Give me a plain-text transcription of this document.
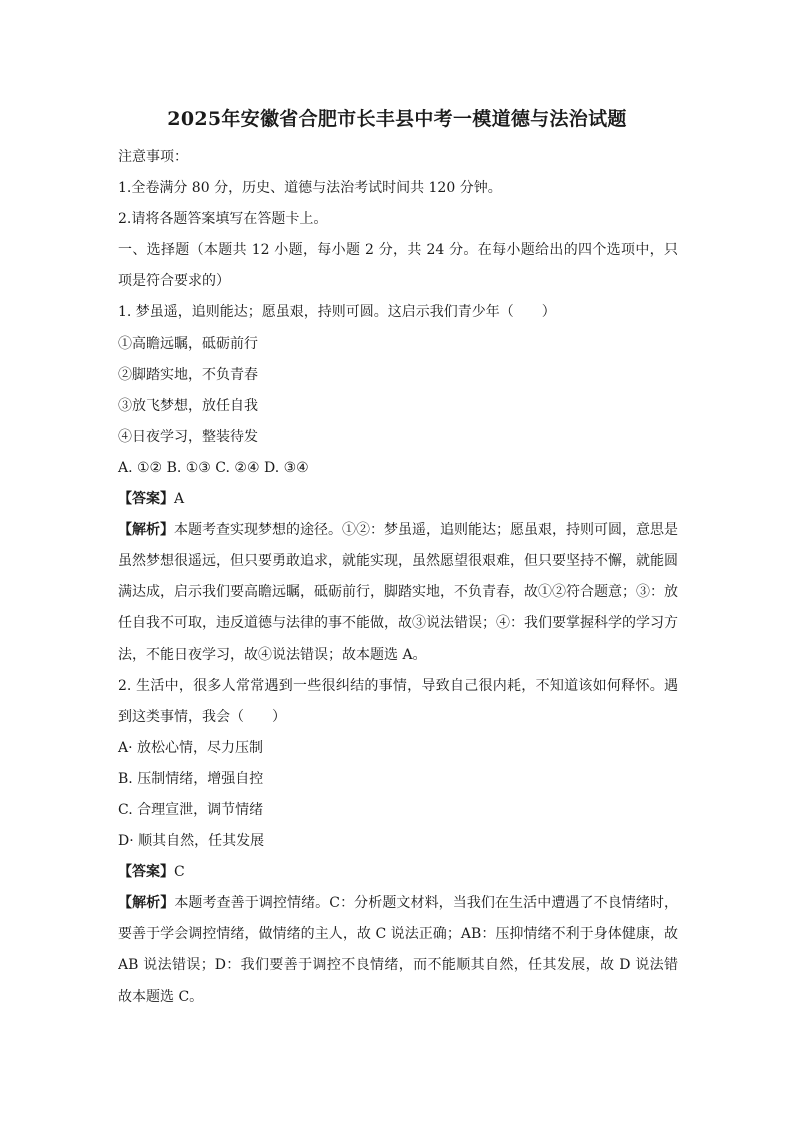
2025年安徽省合肥市长丰县中考一模道德与法治试题
注意事项：
1.全卷满分 80 分，历史、道德与法治考试时间共 120 分钟。
2.请将各题答案填写在答题卡上。
一、选择题（本题共 12 小题，每小题 2 分，共 24 分。在每小题给出的四个选项中，只
项是符合要求的）
1. 梦虽遥，追则能达；愿虽艰，持则可圆。这启示我们青少年（　　）
①高瞻远瞩，砥砺前行
②脚踏实地，不负青春
③放飞梦想，放任自我
④日夜学习，整装待发
A. ①② B. ①③ C. ②④ D. ③④
【答案】A
【解析】本题考查实现梦想的途径。①②：梦虽遥，追则能达；愿虽艰，持则可圆，意思是
虽然梦想很遥远，但只要勇敢追求，就能实现，虽然愿望很艰难，但只要坚持不懈，就能圆
满达成，启示我们要高瞻远瞩，砥砺前行，脚踏实地，不负青春，故①②符合题意；③：放
任自我不可取，违反道德与法律的事不能做，故③说法错误；④：我们要掌握科学的学习方
法，不能日夜学习，故④说法错误；故本题选 A。
2. 生活中，很多人常常遇到一些很纠结的事情，导致自己很内耗，不知道该如何释怀。遇
到这类事情，我会（　　）
A· 放松心情，尽力压制
B. 压制情绪，增强自控
C. 合理宣泄，调节情绪
D· 顺其自然，任其发展
【答案】C
【解析】本题考查善于调控情绪。C：分析题文材料，当我们在生活中遭遇了不良情绪时，
要善于学会调控情绪，做情绪的主人，故 C 说法正确；AB：压抑情绪不利于身体健康，故
AB 说法错误；D：我们要善于调控不良情绪，而不能顺其自然，任其发展，故 D 说法错
故本题选 C。
